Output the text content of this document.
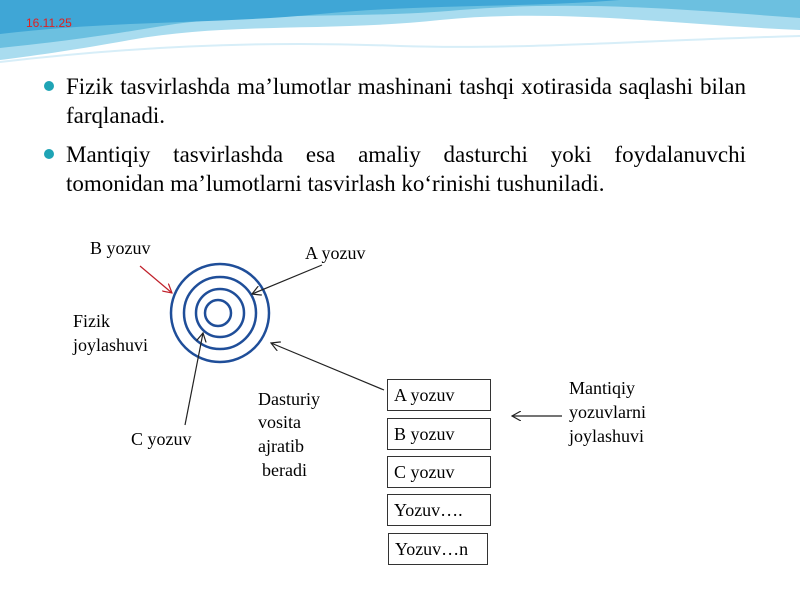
16.11.25
Fizik tasvirlashda ma’lumotlar mashinani tashqi xotirasida saqlashi bilan farqlanadi.
Mantiqiy tasvirlashda esa amaliy dasturchi yoki foydalanuvchi tomonidan ma’lumotlarni tasvirlash ko‘rinishi tushuniladi.
B yozuv	A yozuv
C yozuv
Fizik
joylashuvi
Dasturiy
vosita
ajratib
beradi
Mantiqiy
yozuvlarni
joylashuvi
A yozuv
B yozuv
C yozuv
Yozuv….
Yozuv…n
